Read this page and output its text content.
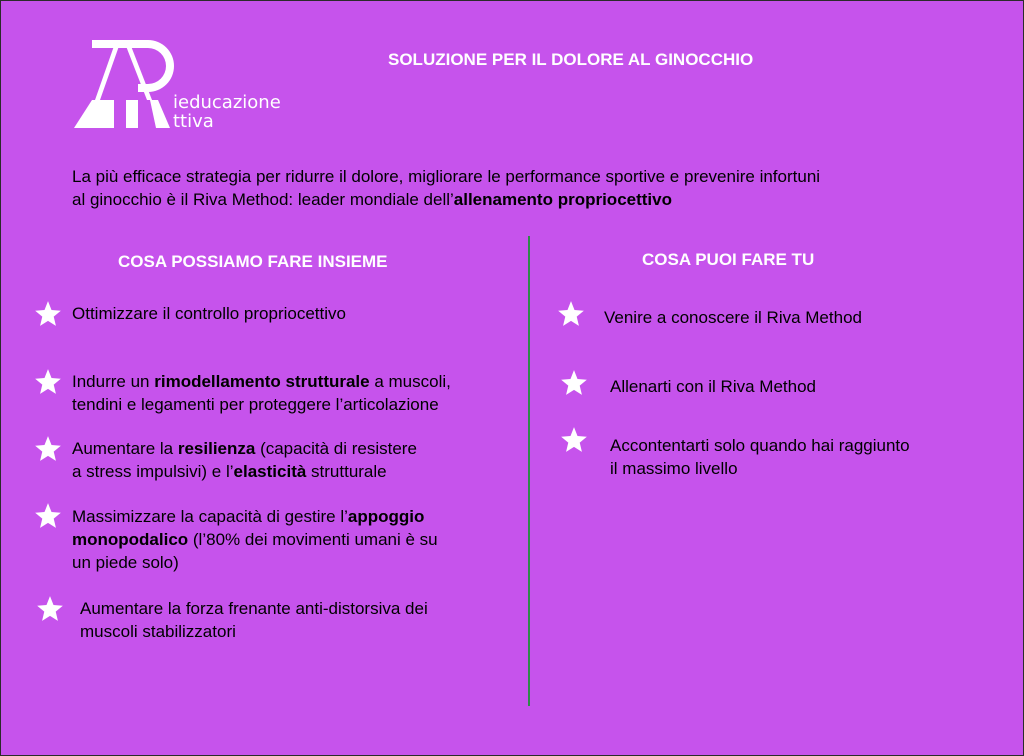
ieducazione
ttiva
SOLUZIONE PER IL DOLORE AL GINOCCHIO
La più efficace strategia per ridurre il dolore, migliorare le performance sportive e prevenire infortuni
al ginocchio è il Riva Method: leader mondiale dell’allenamento propriocettivo
COSA POSSIAMO FARE INSIEME	COSA PUOI FARE TU
Ottimizzare il controllo propriocettivo
Indurre un rimodellamento strutturale a muscoli,
tendini e legamenti per proteggere l’articolazione
Aumentare la resilienza (capacità di resistere
a stress impulsivi) e l’elasticità strutturale
Massimizzare la capacità di gestire l’appoggio
monopodalico (l’80% dei movimenti umani è su
un piede solo)
Aumentare la forza frenante anti-distorsiva dei
muscoli stabilizzatori
Venire a conoscere il Riva Method
Allenarti con il Riva Method
Accontentarti solo quando hai raggiunto
il massimo livello
